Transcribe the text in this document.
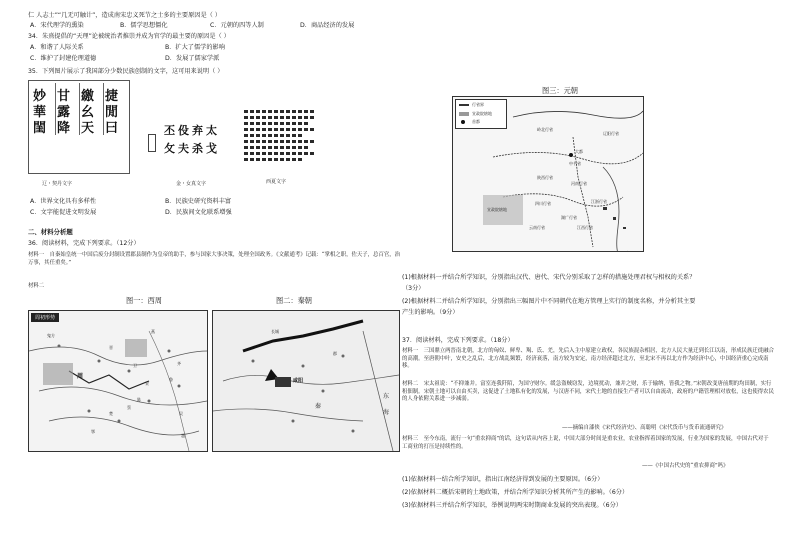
仁 人志士”“几无可触计”，造成南宋忠义死节之士多的主要原因是（ ）
A．宋代理学的熏染	B．儒学思想僵化	C．元朝的四等人制	D．商品经济的发展
34．朱熹提倡的“天理”论被统治者推崇并成为官学的最主要的原因是（ ）
A．和谐了人际关系	B．扩大了儒学的影响
C．维护了封建伦理道德	D．发展了儒家学派
35．下列图片展示了我国部分少数民族创制的文字，这可用来说明（ ）
捷
閒
曰
繳
幺
天
甘
露
降
妙
華
閨
辽・契丹文字
丕 伇 弃 太
攵 夫 杀 戈
金・女真文字	西夏文字
A．世界文化具有多样性	B．民族史研究资料丰富
C．文字能促进文明发展	D．民族间文化联系增强
二、材料分析题
36．阅读材料，完成下列要求。（12分）
材料一　自秦始皇统一中国后废分封制设置郡县制作为皇帝的助手，参与国家大事决策，处理全国政务。《文献通考》记载：“掌相之职，佐天子，总百官，治万事，其任重矣。”
材料二
图一：西周	图二：秦朝
周初形势
鬼方
燕
晋
卫	齐
宋
鲁
周
楚
鄂
陈
蔡
吴
越
长城
咸阳
东
秦
海
郡
图三：元朝
行省界
宣政院辖地
首都
岭北行省
辽阳行省
中书省
河南行省
陕西行省
四川行省
云南行省
湖广行省
江浙行省
江西行省
宣政院辖地
大都
(1)根据材料一并结合所学知识，分别指出汉代、唐代、宋代分别采取了怎样的措施处理君权与相权的关系？
（3分）
(2)根据材料二并结合所学知识，分别指出三幅图片中不同朝代在地方管理上实行的制度名称，并分析其主要
产生的影响。（9分）
37．阅读材料，完成下列要求。（18分）
材料一　三国鼎立两晋南北朝，北方的匈奴、鲜卑、羯、氐、羌，先后入主中原建立政权，各民族混杂相居，北方人民大量迁到长江以南，形成民族迁徙融合的高潮。至唐朝中叶，安史之乱后，北方战乱频繁，经济衰落，南方较为安定，南方经济超过北方，至北宋不再以北方作为经济中心，中国经济重心完成南移。
材料二　宋太祖说：“不抑兼并。富室连我阡陌，为国守财尔。缓急盗贼窃发，边境扰动，兼并之财，乐于输纳，皆我之物。”宋朝改变唐前期的均田制，实行租佃制。宋朝土地可以自由买卖，这促进了土地私有化的发展，与汉唐不同，宋代土地的直接生产者可以自由流动，政府的户籍管理相对放松，这也使得农民的人身依附关系进一步减弱。
——摘编自漆侠《宋代经济史》、高聪明《宋代货币与货币流通研究》
材料三　至今东南，流行一句“重农抑商”的话，这句话从内容上说，中国大部分时间是重农业，农业指挥着国家的发展，行业为国家的发展，中国古代对于工商业的打压是持续性的。
——《中国古代史的“重农抑商”吗》
(1)依据材料一结合所学知识，指出江南经济得到发展的主要原因。（6分）
(2)依据材料二概括宋朝的土地政策，并结合所学知识分析其所产生的影响。（6分）
(3)依据材料三并结合所学知识，举例说明两宋时期商业发展的突出表现。（6分）
